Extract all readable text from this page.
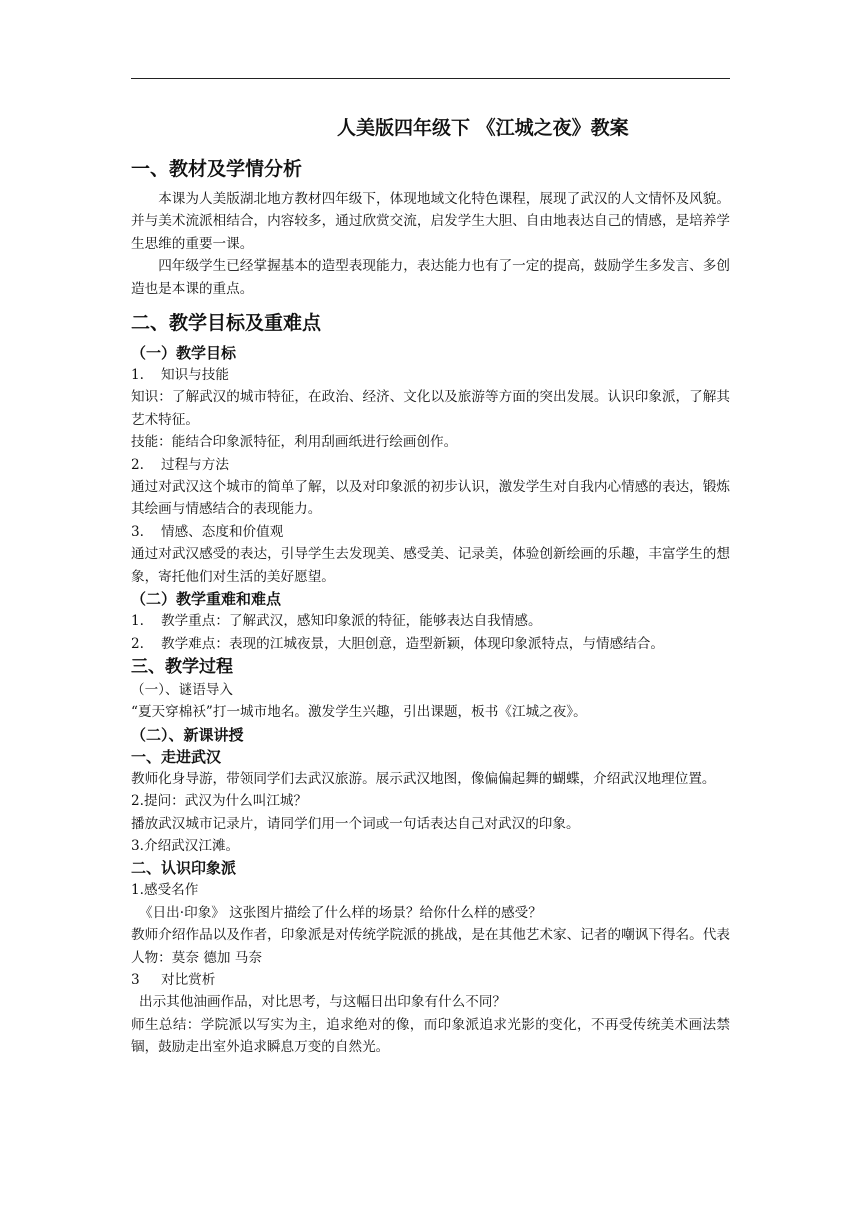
人美版四年级下 《江城之夜》教案
一、教材及学情分析

本课为人美版湖北地方教材四年级下，体现地域文化特色课程，展现了武汉的人文情怀及风貌。并与美术流派相结合，内容较多，通过欣赏交流，启发学生大胆、自由地表达自己的情感，是培养学生思维的重要一课。

四年级学生已经掌握基本的造型表现能力，表达能力也有了一定的提高，鼓励学生多发言、多创造也是本课的重点。

二、教学目标及重难点
（一）教学目标

1. 知识与技能

知识：了解武汉的城市特征，在政治、经济、文化以及旅游等方面的突出发展。认识印象派，了解其艺术特征。

技能：能结合印象派特征，利用刮画纸进行绘画创作。

2. 过程与方法

通过对武汉这个城市的简单了解，以及对印象派的初步认识，激发学生对自我内心情感的表达，锻炼其绘画与情感结合的表现能力。

3. 情感、态度和价值观

通过对武汉感受的表达，引导学生去发现美、感受美、记录美，体验创新绘画的乐趣，丰富学生的想象，寄托他们对生活的美好愿望。

（二）教学重难和难点

1. 教学重点：了解武汉，感知印象派的特征，能够表达自我情感。

2. 教学难点：表现的江城夜景，大胆创意，造型新颖，体现印象派特点，与情感结合。

三、教学过程

（一）、谜语导入

“夏天穿棉袄”打一城市地名。激发学生兴趣，引出课题，板书《江城之夜》。

（二）、新课讲授
一、走进武汉

教师化身导游，带领同学们去武汉旅游。展示武汉地图，像偏偏起舞的蝴蝶，介绍武汉地理位置。

2.提问：武汉为什么叫江城？

播放武汉城市记录片，请同学们用一个词或一句话表达自己对武汉的印象。

3.介绍武汉江滩。

二、认识印象派

1.感受名作

《日出·印象》 这张图片描绘了什么样的场景？给你什么样的感受？

教师介绍作品以及作者，印象派是对传统学院派的挑战，是在其他艺术家、记者的嘲讽下得名。代表人物：莫奈 德加 马奈

3 对比赏析

出示其他油画作品，对比思考，与这幅日出印象有什么不同？

师生总结：学院派以写实为主，追求绝对的像，而印象派追求光影的变化，不再受传统美术画法禁锢，鼓励走出室外追求瞬息万变的自然光。
